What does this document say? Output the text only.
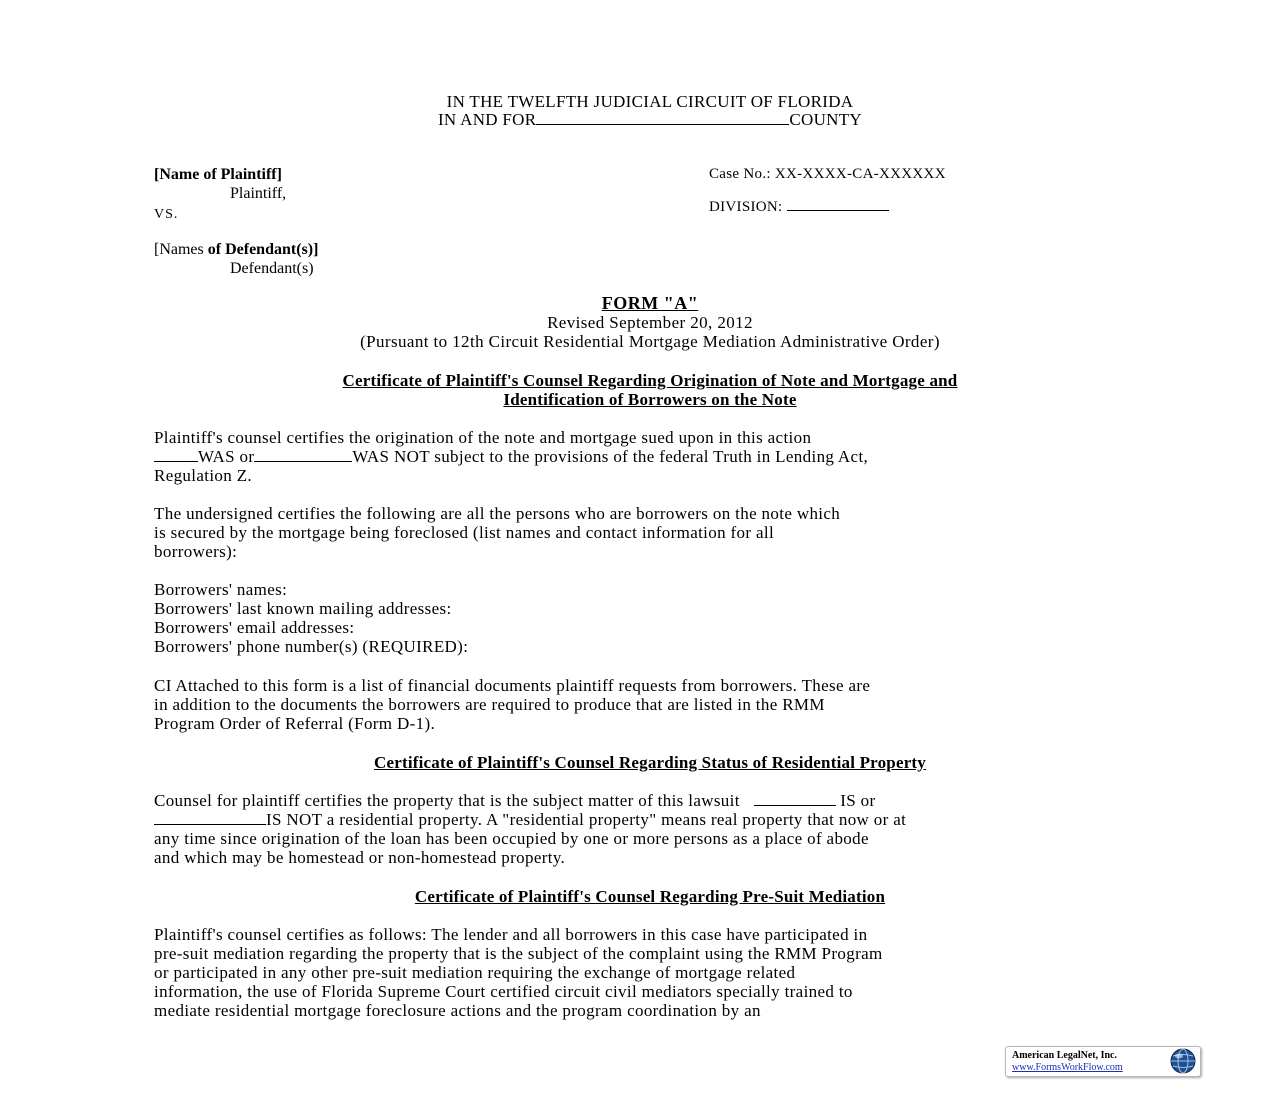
IN THE TWELFTH JUDICIAL CIRCUIT OF FLORIDA
IN AND FOR	COUNTY
[Name of Plaintiff]
Plaintiff,
VS.
[Names of Defendant(s)]
Defendant(s)
Case No.: XX-XXXX-CA-XXXXXX
DIVISION:
FORM "A"
Revised September 20, 2012
(Pursuant to 12th Circuit Residential Mortgage Mediation Administrative Order)
Certificate of Plaintiff's Counsel Regarding Origination of Note and Mortgage and
Identification of Borrowers on the Note
Plaintiff's counsel certifies the origination of the note and mortgage sued upon in this action
WAS or	WAS NOT subject to the provisions of the federal Truth in Lending Act,
Regulation Z.
The undersigned certifies the following are all the persons who are borrowers on the note which
is secured by the mortgage being foreclosed (list names and contact information for all
borrowers):
Borrowers' names:
Borrowers' last known mailing addresses:
Borrowers' email addresses:
Borrowers' phone number(s) (REQUIRED):
CI Attached to this form is a list of financial documents plaintiff requests from borrowers. These are
in addition to the documents the borrowers are required to produce that are listed in the RMM
Program Order of Referral (Form D-1).
Certificate of Plaintiff's Counsel Regarding Status of Residential Property
Counsel for plaintiff certifies the property that is the subject matter of this lawsuit	IS or
IS NOT a residential property. A "residential property" means real property that now or at
any time since origination of the loan has been occupied by one or more persons as a place of abode
and which may be homestead or non-homestead property.
Certificate of Plaintiff's Counsel Regarding Pre-Suit Mediation
Plaintiff's counsel certifies as follows: The lender and all borrowers in this case have participated in
pre-suit mediation regarding the property that is the subject of the complaint using the RMM Program
or participated in any other pre-suit mediation requiring the exchange of mortgage related
information, the use of Florida Supreme Court certified circuit civil mediators specially trained to
mediate residential mortgage foreclosure actions and the program coordination by an
American LegalNet, Inc.
www.FormsWorkFlow.com
